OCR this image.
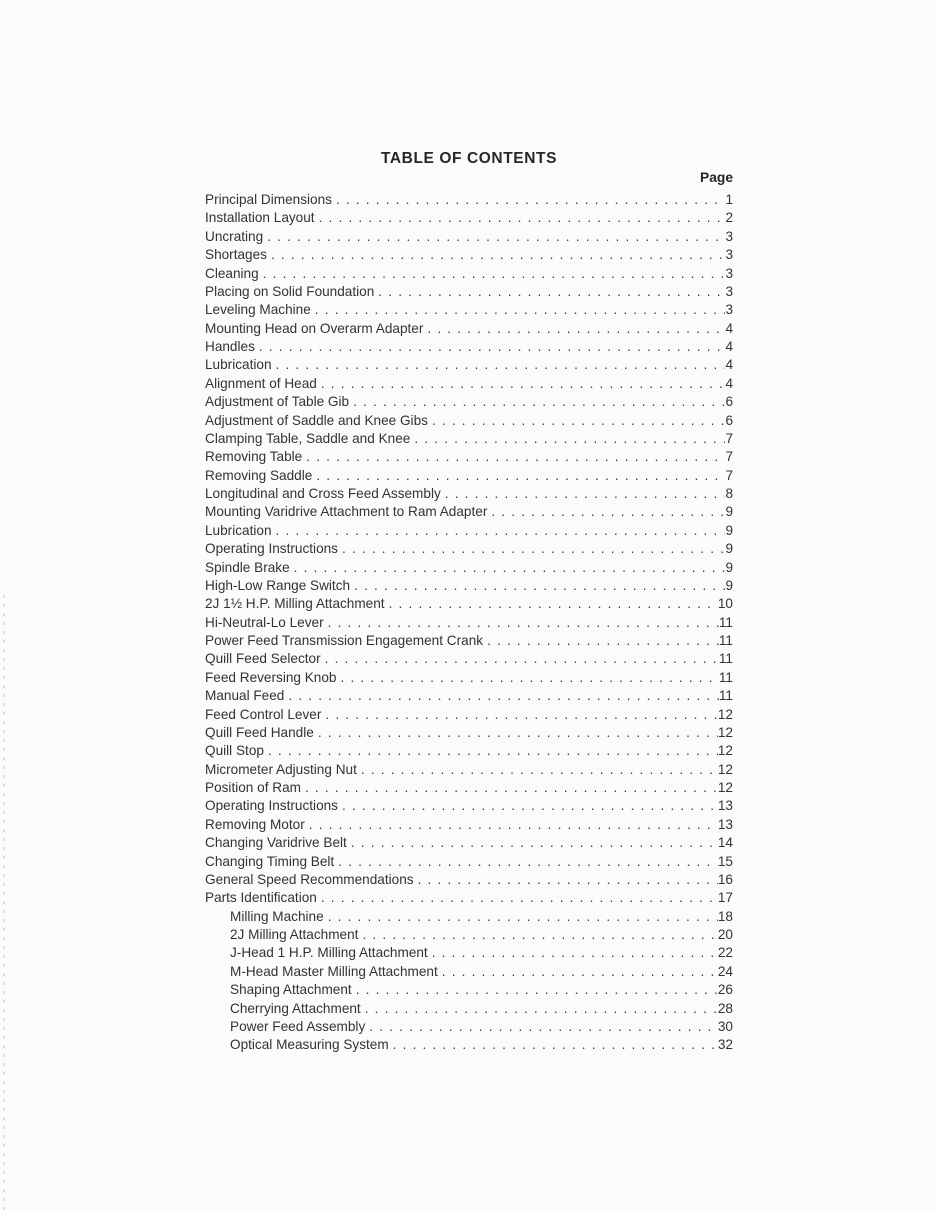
TABLE OF CONTENTS
Page
Principal Dimensions . . .	1
Installation Layout . . .	2
Uncrating . . .	3
Shortages . . .	3
Cleaning . . .	3
Placing on Solid Foundation . . .	3
Leveling Machine . . .	3
Mounting Head on Overarm Adapter . . .	4
Handles . . .	4
Lubrication . . .	4
Alignment of Head . . .	4
Adjustment of Table Gib . . .	6
Adjustment of Saddle and Knee Gibs . . .	6
Clamping Table, Saddle and Knee . . .	7
Removing Table . . .	7
Removing Saddle . . .	7
Longitudinal and Cross Feed Assembly . . .	8
Mounting Varidrive Attachment to Ram Adapter . . .	9
Lubrication . . .	9
Operating Instructions . . .	9
Spindle Brake . . .	9
High-Low Range Switch . . .	9
2J 1½ H.P. Milling Attachment . . .	10
Hi-Neutral-Lo Lever . . .	11
Power Feed Transmission Engagement Crank . . .	11
Quill Feed Selector . . .	11
Feed Reversing Knob . . .	11
Manual Feed . . .	11
Feed Control Lever . . .	12
Quill Feed Handle . . .	12
Quill Stop . . .	12
Micrometer Adjusting Nut . . .	12
Position of Ram . . .	12
Operating Instructions . . .	13
Removing Motor . . .	13
Changing Varidrive Belt . . .	14
Changing Timing Belt . . .	15
General Speed Recommendations . . .	16
Parts Identification . . .	17
Milling Machine . . .	18
2J Milling Attachment . . .	20
J-Head 1 H.P. Milling Attachment . . .	22
M-Head Master Milling Attachment . . .	24
Shaping Attachment . . .	26
Cherrying Attachment . . .	28
Power Feed Assembly . . .	30
Optical Measuring System . . .	32
